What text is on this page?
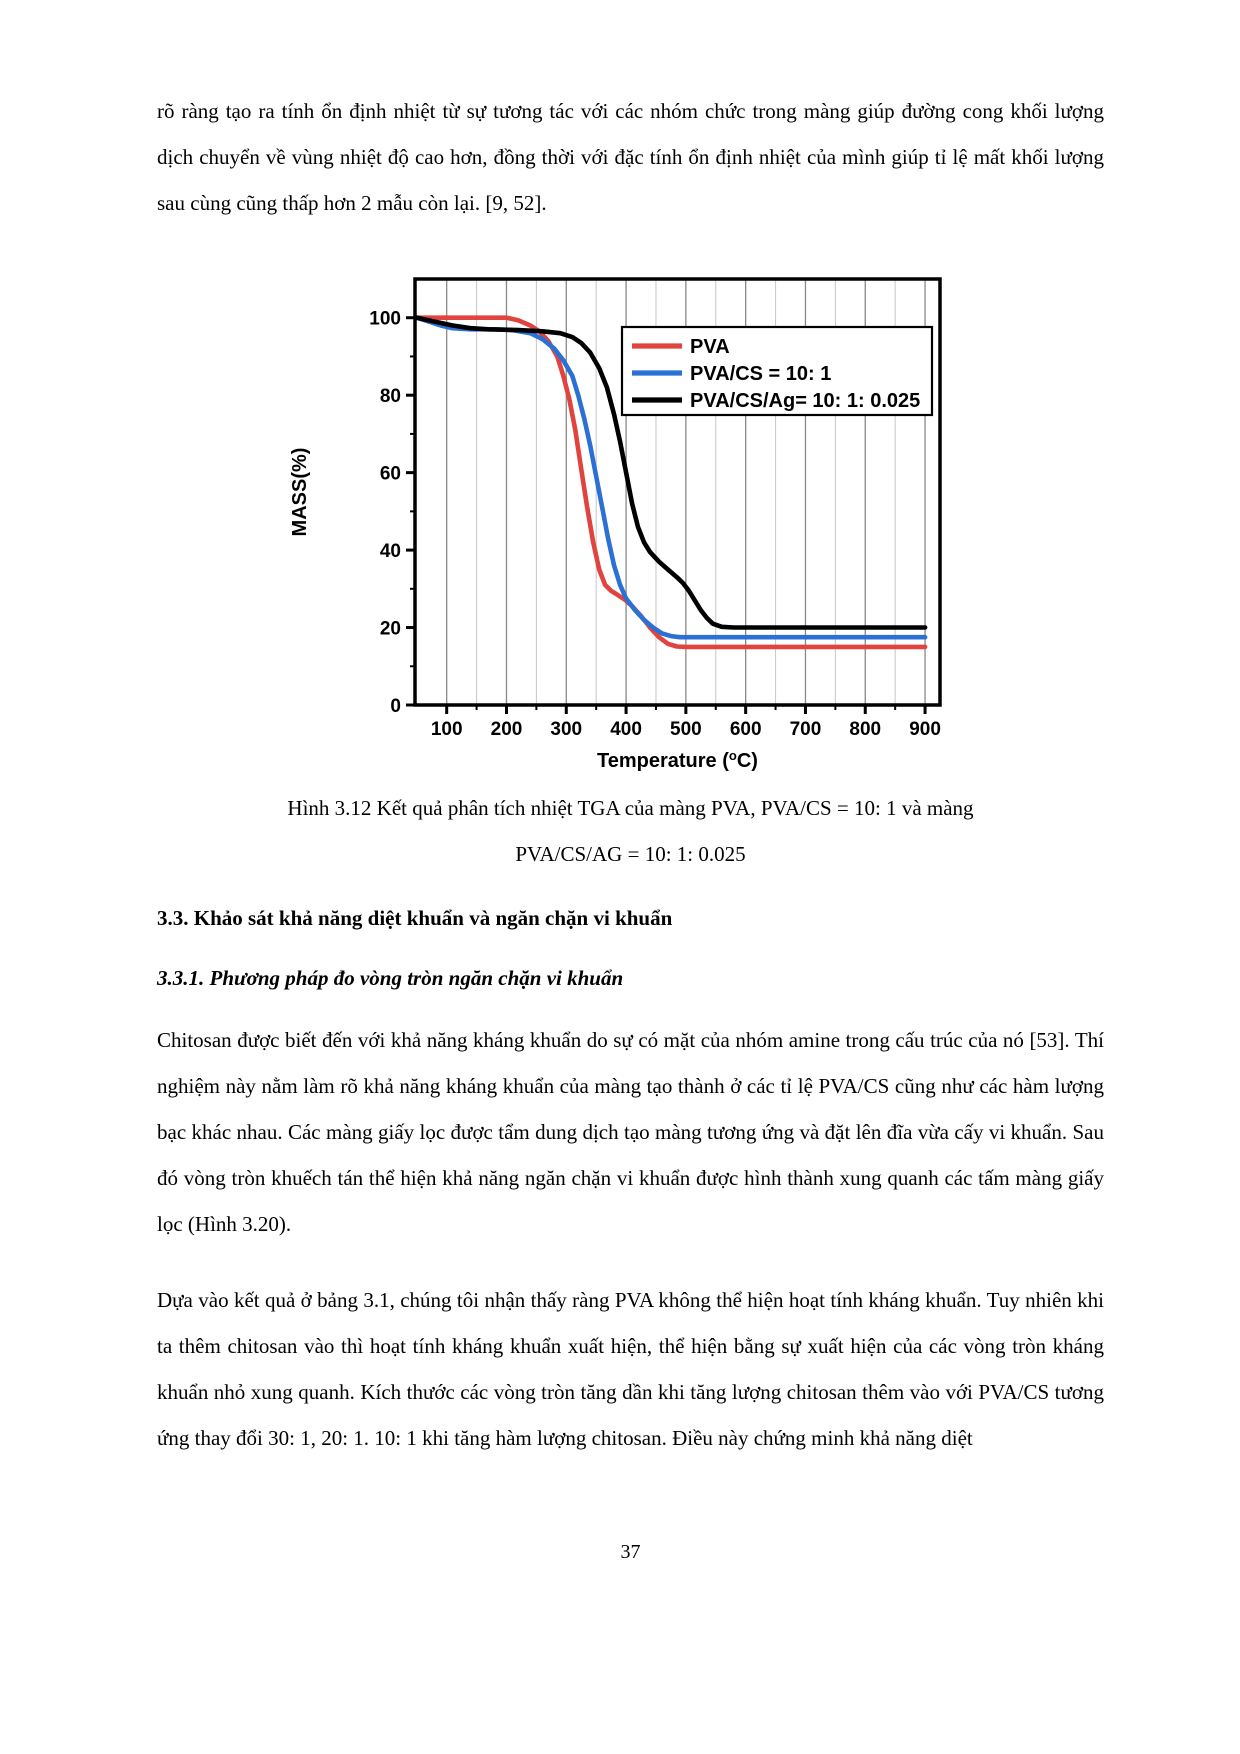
rõ ràng tạo ra tính ổn định nhiệt từ sự tương tác với các nhóm chức trong màng giúp đường cong khối lượng dịch chuyển về vùng nhiệt độ cao hơn, đồng thời với đặc tính ổn định nhiệt của mình giúp tỉ lệ mất khối lượng sau cùng cũng thấp hơn 2 mẫu còn lại. [9, 52].

100 200 300 400 500 600 700 800 900
0
20
40
60
80
100
Temperature ($^o$C)
MASS(%)
PVA
PVA/CS = 10: 1
PVA/CS/Ag= 10: 1: 0.025
Hình 3.12 Kết quả phân tích nhiệt TGA của màng PVA, PVA/CS = 10: 1 và màng
PVA/CS/AG = 10: 1: 0.025
3.3. Khảo sát khả năng diệt khuẩn và ngăn chặn vi khuẩn
3.3.1. Phương pháp đo vòng tròn ngăn chặn vi khuẩn

Chitosan được biết đến với khả năng kháng khuẩn do sự có mặt của nhóm amine trong cấu trúc của nó [53]. Thí nghiệm này nằm làm rõ khả năng kháng khuẩn của màng tạo thành ở các tỉ lệ PVA/CS cũng như các hàm lượng bạc khác nhau. Các màng giấy lọc được tẩm dung dịch tạo màng tương ứng và đặt lên đĩa vừa cấy vi khuẩn. Sau đó vòng tròn khuếch tán thể hiện khả năng ngăn chặn vi khuẩn được hình thành xung quanh các tấm màng giấy lọc (Hình 3.20).

Dựa vào kết quả ở bảng 3.1, chúng tôi nhận thấy ràng PVA không thể hiện hoạt tính kháng khuẩn. Tuy nhiên khi ta thêm chitosan vào thì hoạt tính kháng khuẩn xuất hiện, thể hiện bằng sự xuất hiện của các vòng tròn kháng khuẩn nhỏ xung quanh. Kích thước các vòng tròn tăng dần khi tăng lượng chitosan thêm vào với PVA/CS tương ứng thay đổi 30: 1, 20: 1. 10: 1 khi tăng hàm lượng chitosan. Điều này chứng minh khả năng diệt

37
